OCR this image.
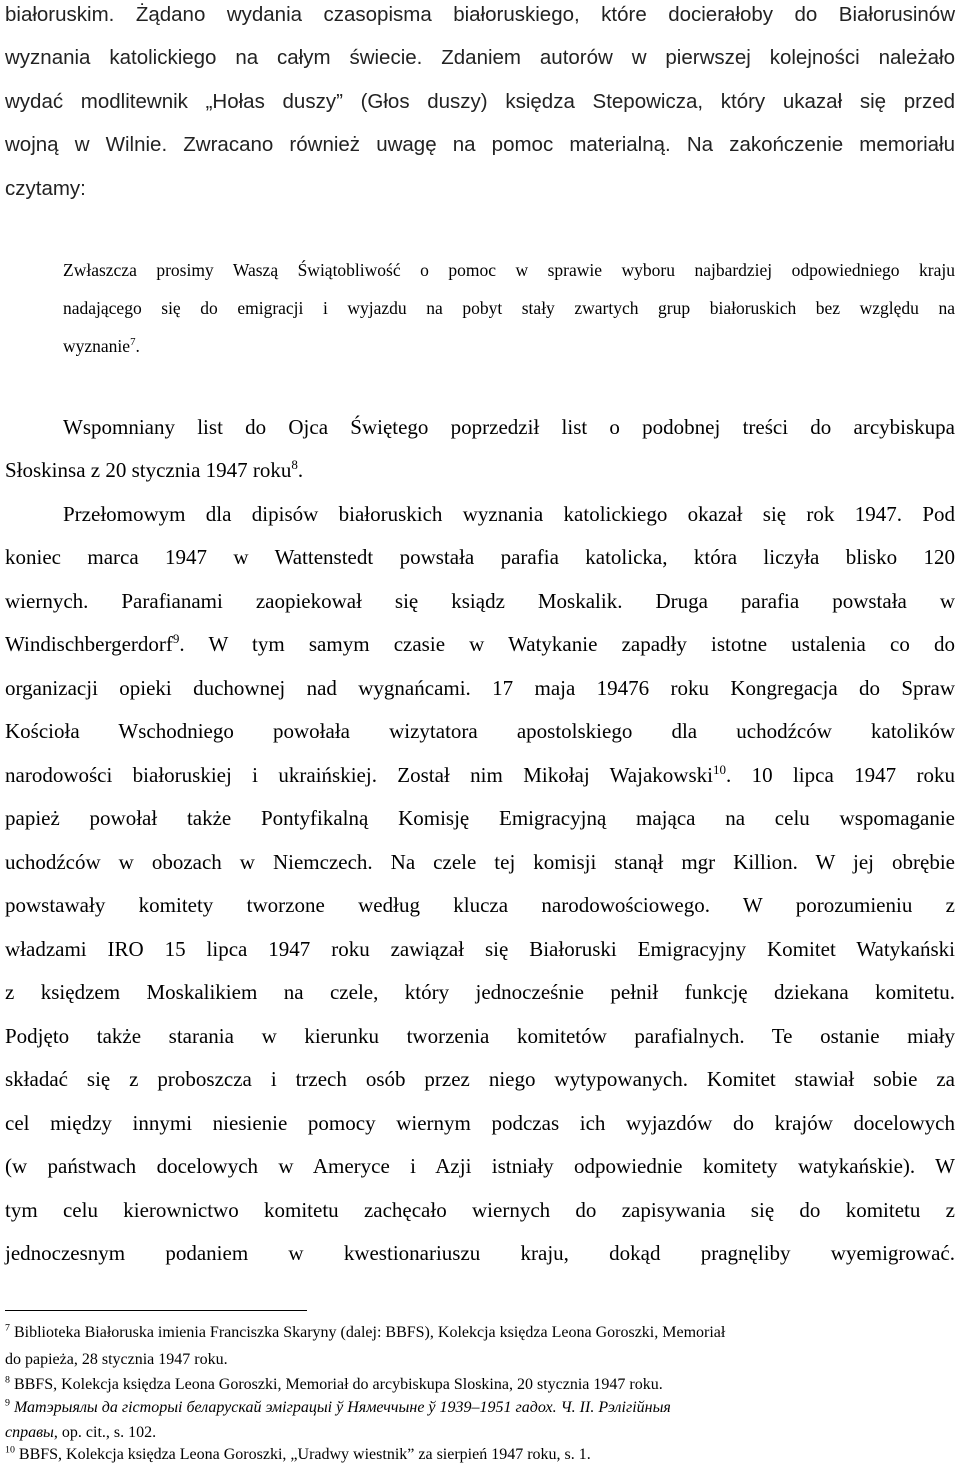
białoruskim. Żądano wydania czasopisma białoruskiego, które docierałoby do Białorusinów
wyznania katolickiego na całym świecie. Zdaniem autorów w pierwszej kolejności należało
wydać modlitewnik „Hołas duszy” (Głos duszy) księdza Stepowicza, który ukazał się przed
wojną w Wilnie. Zwracano również uwagę na pomoc materialną. Na zakończenie memoriału
czytamy:
Zwłaszcza prosimy Waszą Świątobliwość o pomoc w sprawie wyboru najbardziej odpowiedniego kraju
nadającego się do emigracji i wyjazdu na pobyt stały zwartych grup białoruskich bez względu na
wyznanie$^7$.
Wspomniany list do Ojca Świętego poprzedził list o podobnej treści do arcybiskupa
Słoskinsa z 20 stycznia 1947 roku$^8$.
Przełomowym dla dipisów białoruskich wyznania katolickiego okazał się rok 1947. Pod
koniec marca 1947 w Wattenstedt powstała parafia katolicka, która liczyła blisko 120
wiernych. Parafianami zaopiekował się ksiądz Moskalik. Druga parafia powstała w
Windischbergerdorf$^9$. W tym samym czasie w Watykanie zapadły istotne ustalenia co do
organizacji opieki duchownej nad wygnańcami. 17 maja 19476 roku Kongregacja do Spraw
Kościoła Wschodniego powołała wizytatora apostolskiego dla uchodźców katolików
narodowości białoruskiej i ukraińskiej. Został nim Mikołaj Wajakowski$^{10}$. 10 lipca 1947 roku
papież powołał także Pontyfikalną Komisję Emigracyjną mająca na celu wspomaganie
uchodźców w obozach w Niemczech. Na czele tej komisji stanął mgr Killion. W jej obrębie
powstawały komitety tworzone według klucza narodowościowego. W porozumieniu z
władzami IRO 15 lipca 1947 roku zawiązał się Białoruski Emigracyjny Komitet Watykański
z księdzem Moskalikiem na czele, który jednocześnie pełnił funkcję dziekana komitetu.
Podjęto także starania w kierunku tworzenia komitetów parafialnych. Te ostanie miały
składać się z proboszcza i trzech osób przez niego wytypowanych. Komitet stawiał sobie za
cel między innymi niesienie pomocy wiernym podczas ich wyjazdów do krajów docelowych
(w państwach docelowych w Ameryce i Azji istniały odpowiednie komitety watykańskie). W
tym celu kierownictwo komitetu zachęcało wiernych do zapisywania się do komitetu z
jednoczesnym podaniem w kwestionariuszu kraju, dokąd pragnęliby wyemigrować.
$^7$ Biblioteka Białoruska imienia Franciszka Skaryny (dalej: BBFS), Kolekcja księdza Leona Goroszki, Memoriał
do papieża, 28 stycznia 1947 roku.
$^8$ BBFS, Kolekcja księdza Leona Goroszki, Memoriał do arcybiskupa Sloskina, 20 stycznia 1947 roku.
$^9$ Матэрыялы да гісторыі беларускай эміграцыі ў Нямеччыне ў 1939–1951 гадох. Ч. II. Рэлігійныя
справы, op. cit., s. 102.
$^{10}$ BBFS, Kolekcja księdza Leona Goroszki, „Uradwy wiestnik” za sierpień 1947 roku, s. 1.
